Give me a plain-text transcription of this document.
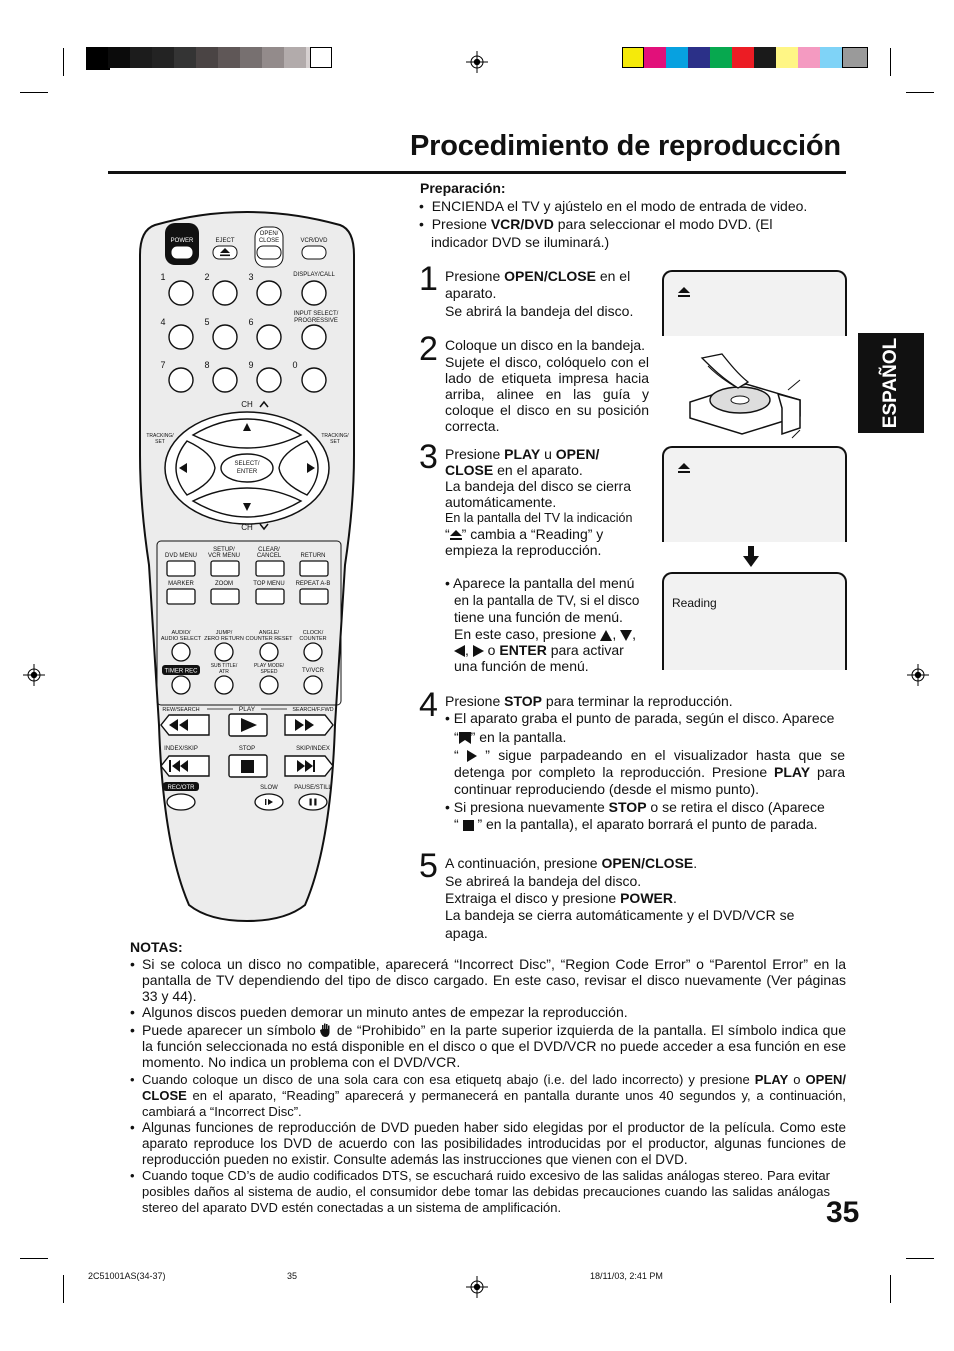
Procedimiento de reproducción
ESPAÑOL
Preparación:
•  ENCIENDA el TV y ajústelo en el modo de entrada de video.
•  Presione VCR/DVD para seleccionar el modo DVD. (El
indicador DVD se iluminará.)
1 Presione OPEN/CLOSE en el
aparato.
Se abrirá la bandeja del disco.
2 Coloque un disco en la bandeja.
Sujete el disco, colóquelo con el
lado de etiqueta impresa hacia
arriba, alinee en las guía y
coloque el disco en su posición
correcta.
3 Presione PLAY u OPEN/
CLOSE en el aparato.
La bandeja del disco se cierra
automáticamente.
En la pantalla del TV la indicación
“ ” cambia a “Reading” y
empieza la reproducción.
• Aparece la pantalla del menú
en la pantalla de TV, si el disco
tiene una función de menú.
En este caso, presione , ,
,  o ENTER para activar
una función de menú.
Reading
4 Presione STOP para terminar la reproducción.
• El aparato graba el punto de parada, según el disco. Aparece
“ ” en la pantalla.
“  ” sigue parpadeando en el visualizador hasta que se
detenga por completo la reproducción. Presione PLAY para
continuar reproduciendo (desde el mismo punto).
• Si presiona nuevamente STOP o se retira el disco (Aparece
“  ” en la pantalla), el aparato borrará el punto de parada.
5 A continuación, presione OPEN/CLOSE.
Se abrireá la bandeja del disco.
Extraiga el disco y presione POWER.
La bandeja se cierra automáticamente y el DVD/VCR se
apaga.
NOTAS:
• Si se coloca un disco no compatible, aparecerá “Incorrect Disc”, “Region Code Error” o “Parentol Error” en la pantalla de TV dependiendo del tipo de disco cargado. En este caso, revisar el disco nuevamente (Ver páginas 33 y 44).
• Algunos discos pueden demorar un minuto antes de empezar la reproducción.
• Puede aparecer un símbolo  de “Prohibido” en la parte superior izquierda de la pantalla. El símbolo indica que la función seleccionada no está disponible en el disco o que el DVD/VCR no puede acceder a esa función en ese momento. No indica un problema con el DVD/VCR.
• Cuando coloque un disco de una sola cara con esa etiquetq abajo (i.e. del lado incorrecto) y presione PLAY o OPEN/ CLOSE en el aparato, “Reading” aparecerá y permanecerá en pantalla durante unos 40 segundos y, a continuación, cambiará a “Incorrect Disc”.
• Algunas funciones de reproducción de DVD pueden haber sido elegidas por el productor de la película. Como este aparato reproduce los DVD de acuerdo con las posibilidades introducidas por el productor, algunas funciones de reproducción pueden no existir. Consulte además las instrucciones que vienen con el DVD.
• Cuando toque CD’s de audio codificados DTS, se escuchará ruido excesivo de las salidas análogas stereo. Para evitar posibles daños al sistema de audio, el consumidor debe tomar las debidas precauciones cuando las salidas análogas stereo del aparato DVD estén conectadas a un sistema de amplificación.	35
2C51001AS(34-37)	35	18/11/03, 2:41 PM
POWER	EJECT
OPEN/
CLOSE	VCR/DVD
1	2	3	DISPLAY/CALL
4	5	6
INPUT SELECT/
PROGRESSIVE
7	8	9	0
CH
TRACKING/
SET
TRACKING/
SET
SELECT/
ENTER
CH
DVD MENU
SETUP/
VCR MENU
CLEAR/
CANCEL	RETURN
MARKER	ZOOM	TOP MENU REPEAT A-B
AUDIO/
AUDIO SELECT
JUMP/
ZERO RETURN
ANGLE/
COUNTER RESET
CLOCK/
COUNTER
TIMER REC
SUB TITLE/
ATR
PLAY MODE/
SPEED	TV/VCR
REW/SEARCH	PLAY	SEARCH/F.FWD
INDEX/SKIP	STOP	SKIP/INDEX
REC/OTR	SLOW	PAUSE/STILL
